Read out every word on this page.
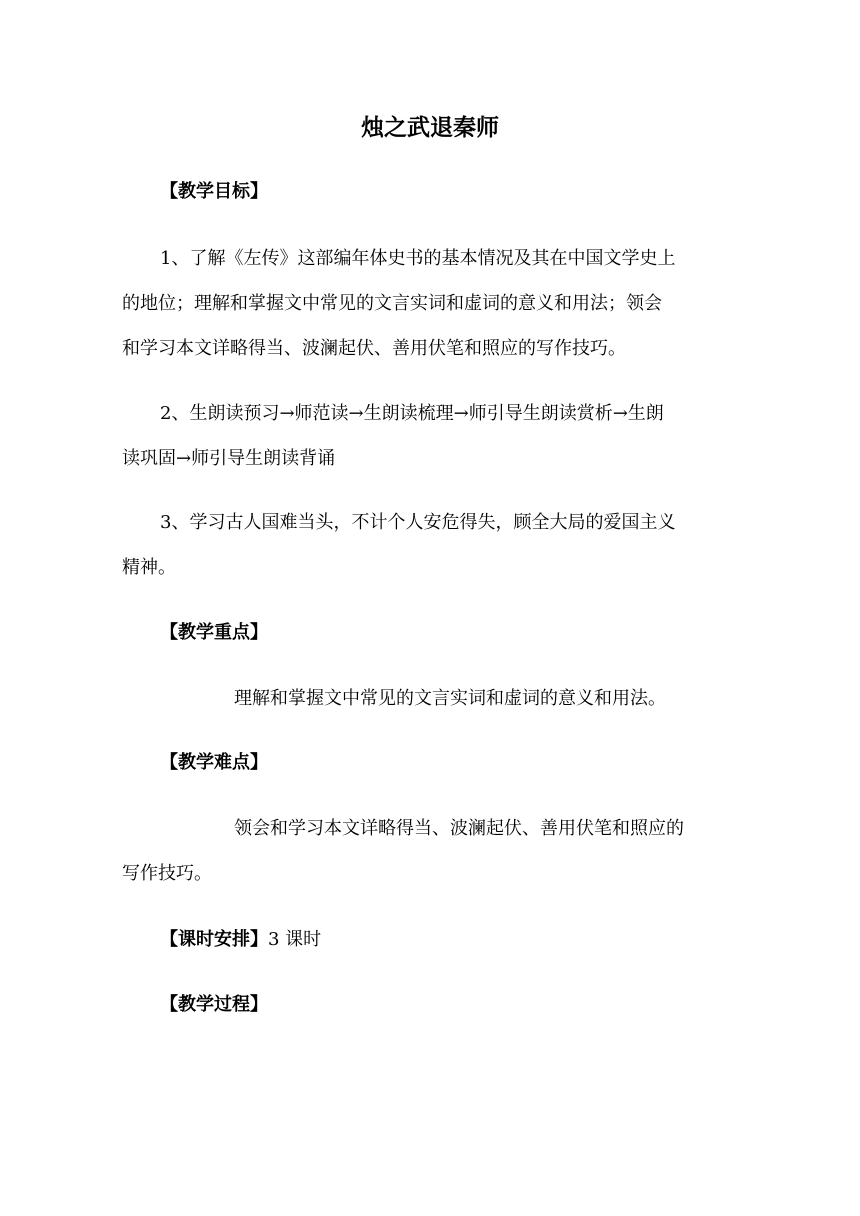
烛之武退秦师
【教学目标】
1、了解《左传》这部编年体史书的基本情况及其在中国文学史上
的地位；理解和掌握文中常见的文言实词和虚词的意义和用法；领会
和学习本文详略得当、波澜起伏、善用伏笔和照应的写作技巧。
2、生朗读预习→师范读→生朗读梳理→师引导生朗读赏析→生朗
读巩固→师引导生朗读背诵
3、学习古人国难当头，不计个人安危得失，顾全大局的爱国主义
精神。
【教学重点】
理解和掌握文中常见的文言实词和虚词的意义和用法。
【教学难点】
领会和学习本文详略得当、波澜起伏、善用伏笔和照应的
写作技巧。
【课时安排】3 课时
【教学过程】
